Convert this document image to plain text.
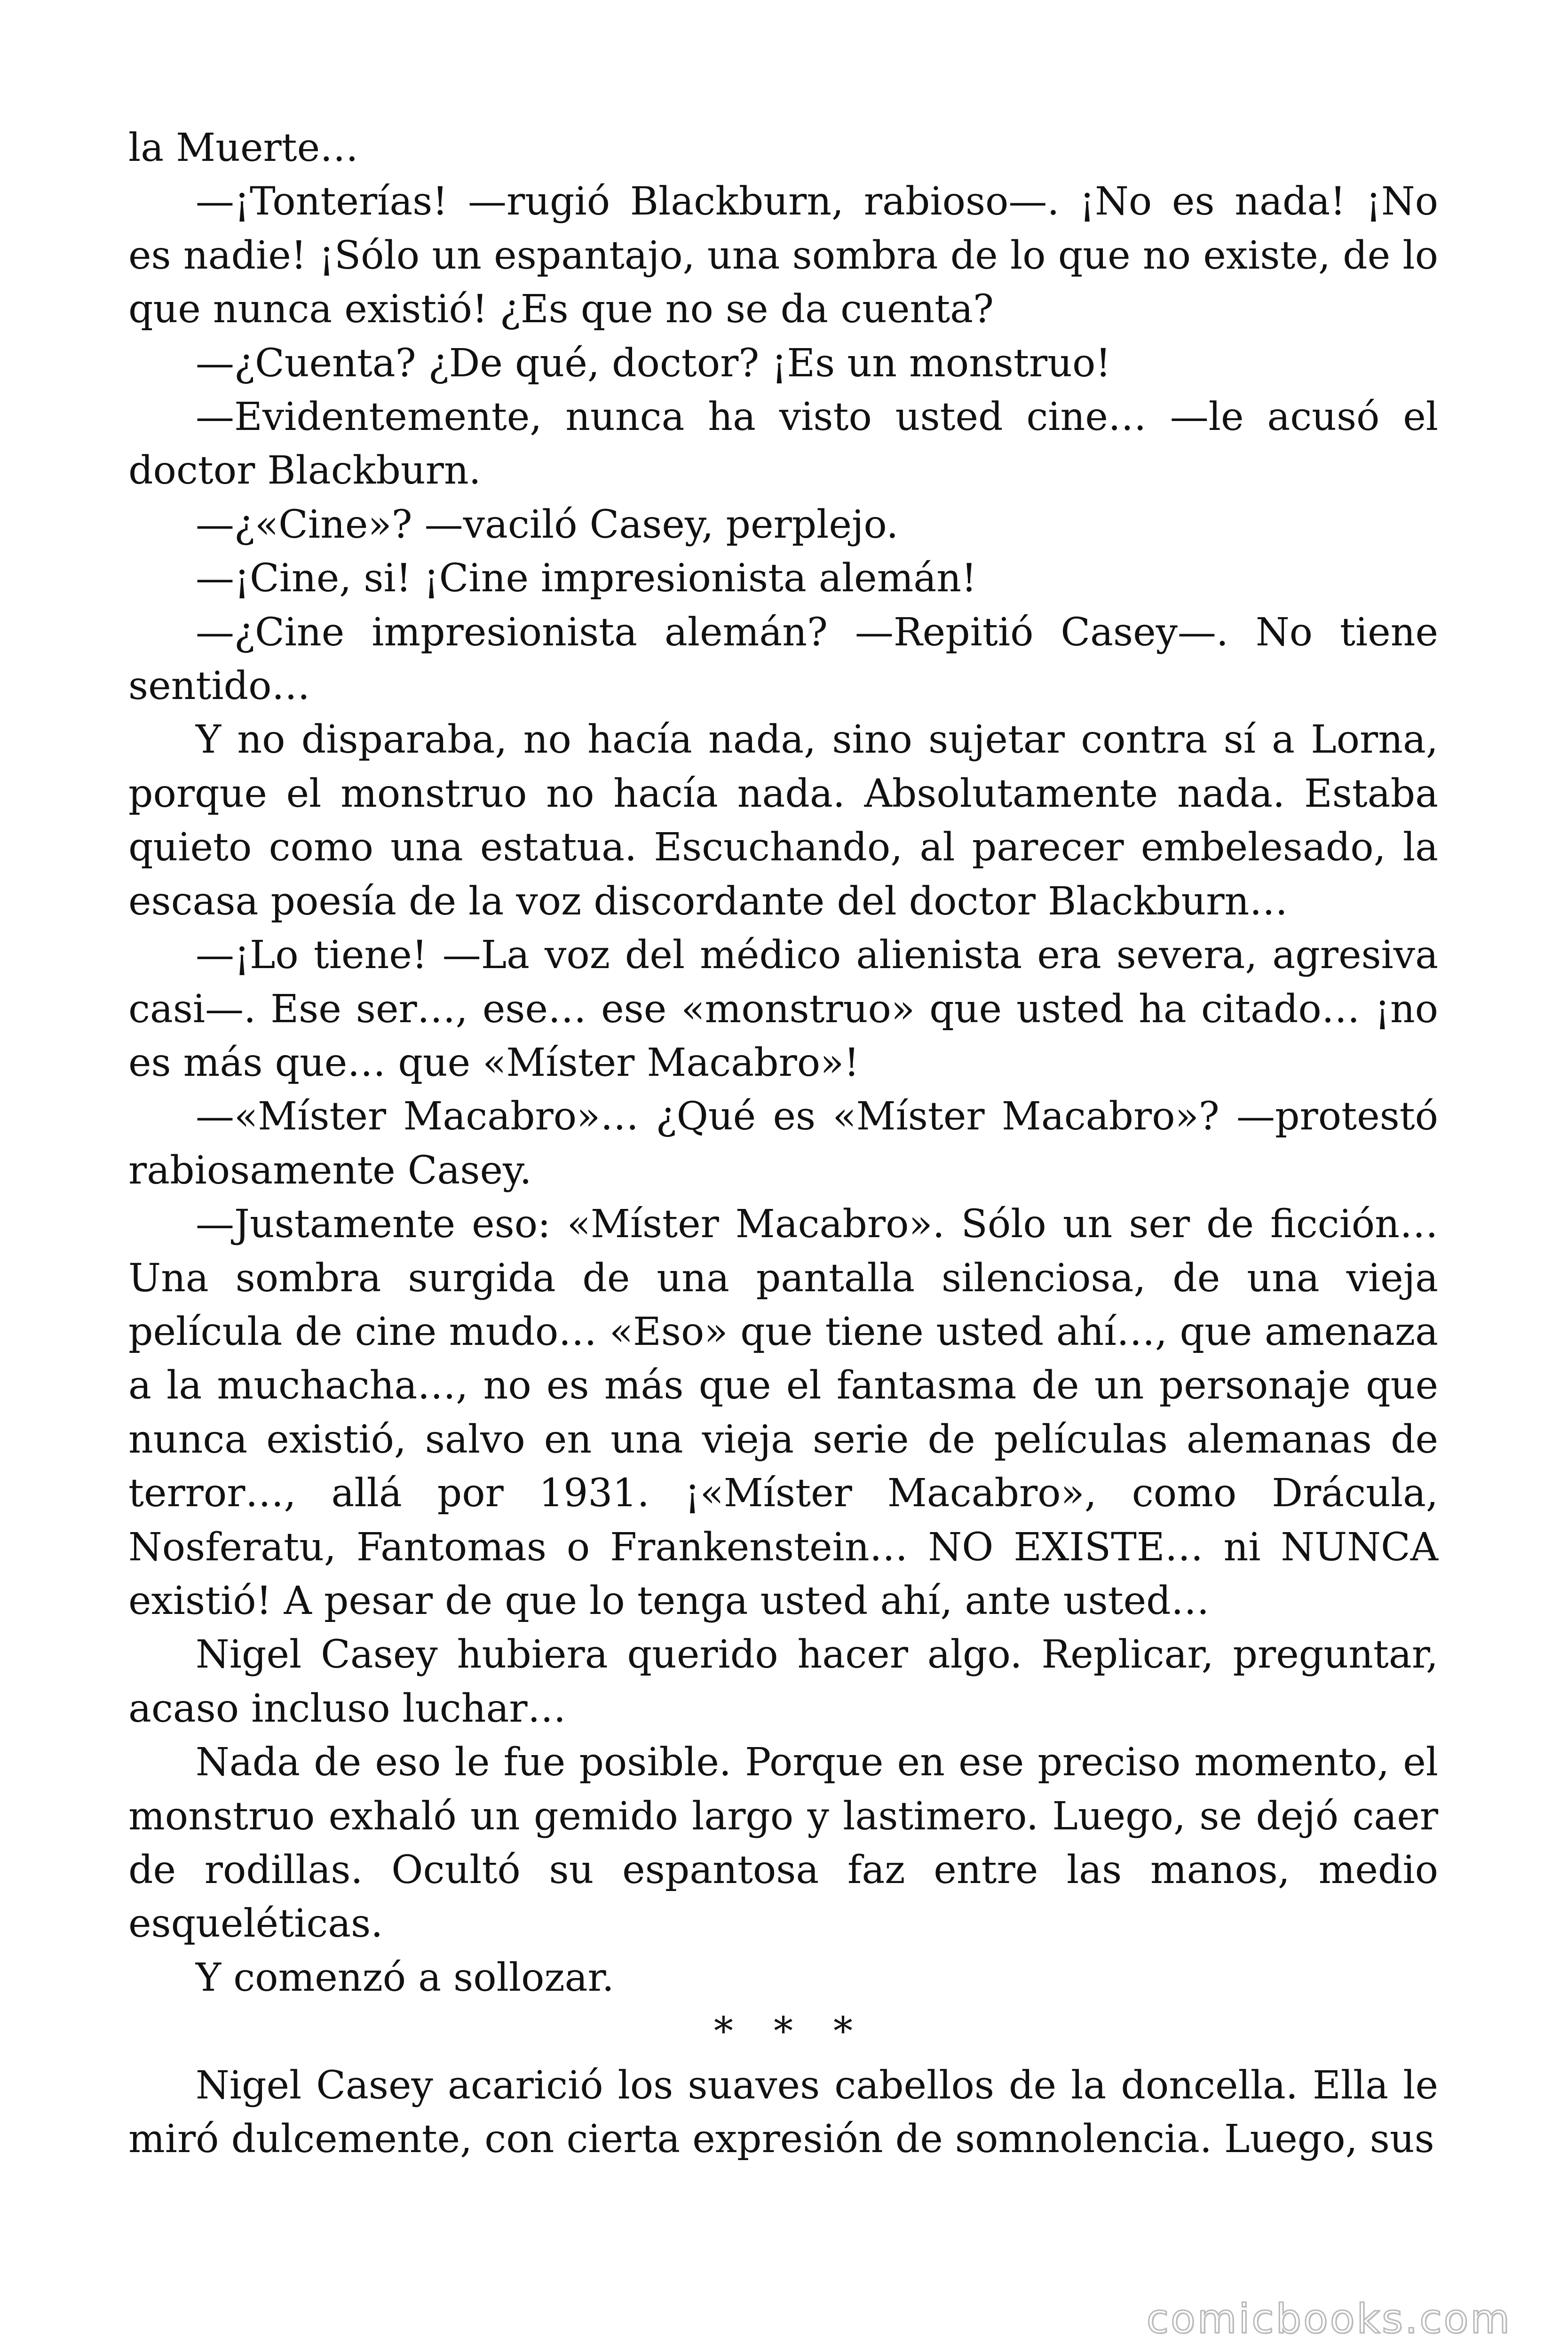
la Muerte…

—¡Tonterías! —rugió Blackburn, rabioso—. ¡No es nada! ¡No es nadie! ¡Sólo un espantajo, una sombra de lo que no existe, de lo que nunca existió! ¿Es que no se da cuenta?

—¿Cuenta? ¿De qué, doctor? ¡Es un monstruo!

—Evidentemente, nunca ha visto usted cine… —le acusó el doctor Blackburn.

—¿«Cine»? —vaciló Casey, perplejo.

—¡Cine, si! ¡Cine impresionista alemán!

—¿Cine impresionista alemán? —Repitió Casey—. No tiene sentido…

Y no disparaba, no hacía nada, sino sujetar contra sí a Lorna, porque el monstruo no hacía nada. Absolutamente nada. Estaba quieto como una estatua. Escuchando, al parecer embelesado, la escasa poesía de la voz discordante del doctor Blackburn…

—¡Lo tiene! —La voz del médico alienista era severa, agresiva casi—. Ese ser…, ese… ese «monstruo» que usted ha citado… ¡no es más que… que «Míster Macabro»!

—«Míster Macabro»… ¿Qué es «Míster Macabro»? —protestó rabiosamente Casey.

—Justamente eso: «Míster Macabro». Sólo un ser de ficción… Una sombra surgida de una pantalla silenciosa, de una vieja película de cine mudo… «Eso» que tiene usted ahí…, que amenaza a la muchacha…, no es más que el fantasma de un personaje que nunca existió, salvo en una vieja serie de películas alemanas de terror…, allá por 1931. ¡«Míster Macabro», como Drácula, Nosferatu, Fantomas o Frankenstein… NO EXISTE… ni NUNCA existió! A pesar de que lo tenga usted ahí, ante usted…

Nigel Casey hubiera querido hacer algo. Replicar, preguntar, acaso incluso luchar…

Nada de eso le fue posible. Porque en ese preciso momento, el monstruo exhaló un gemido largo y lastimero. Luego, se dejó caer de rodillas. Ocultó su espantosa faz entre las manos, medio esqueléticas.

Y comenzó a sollozar.

* * *

Nigel Casey acarició los suaves cabellos de la doncella. Ella le miró dulcemente, con cierta expresión de somnolencia. Luego, sus

comicbooks.com
